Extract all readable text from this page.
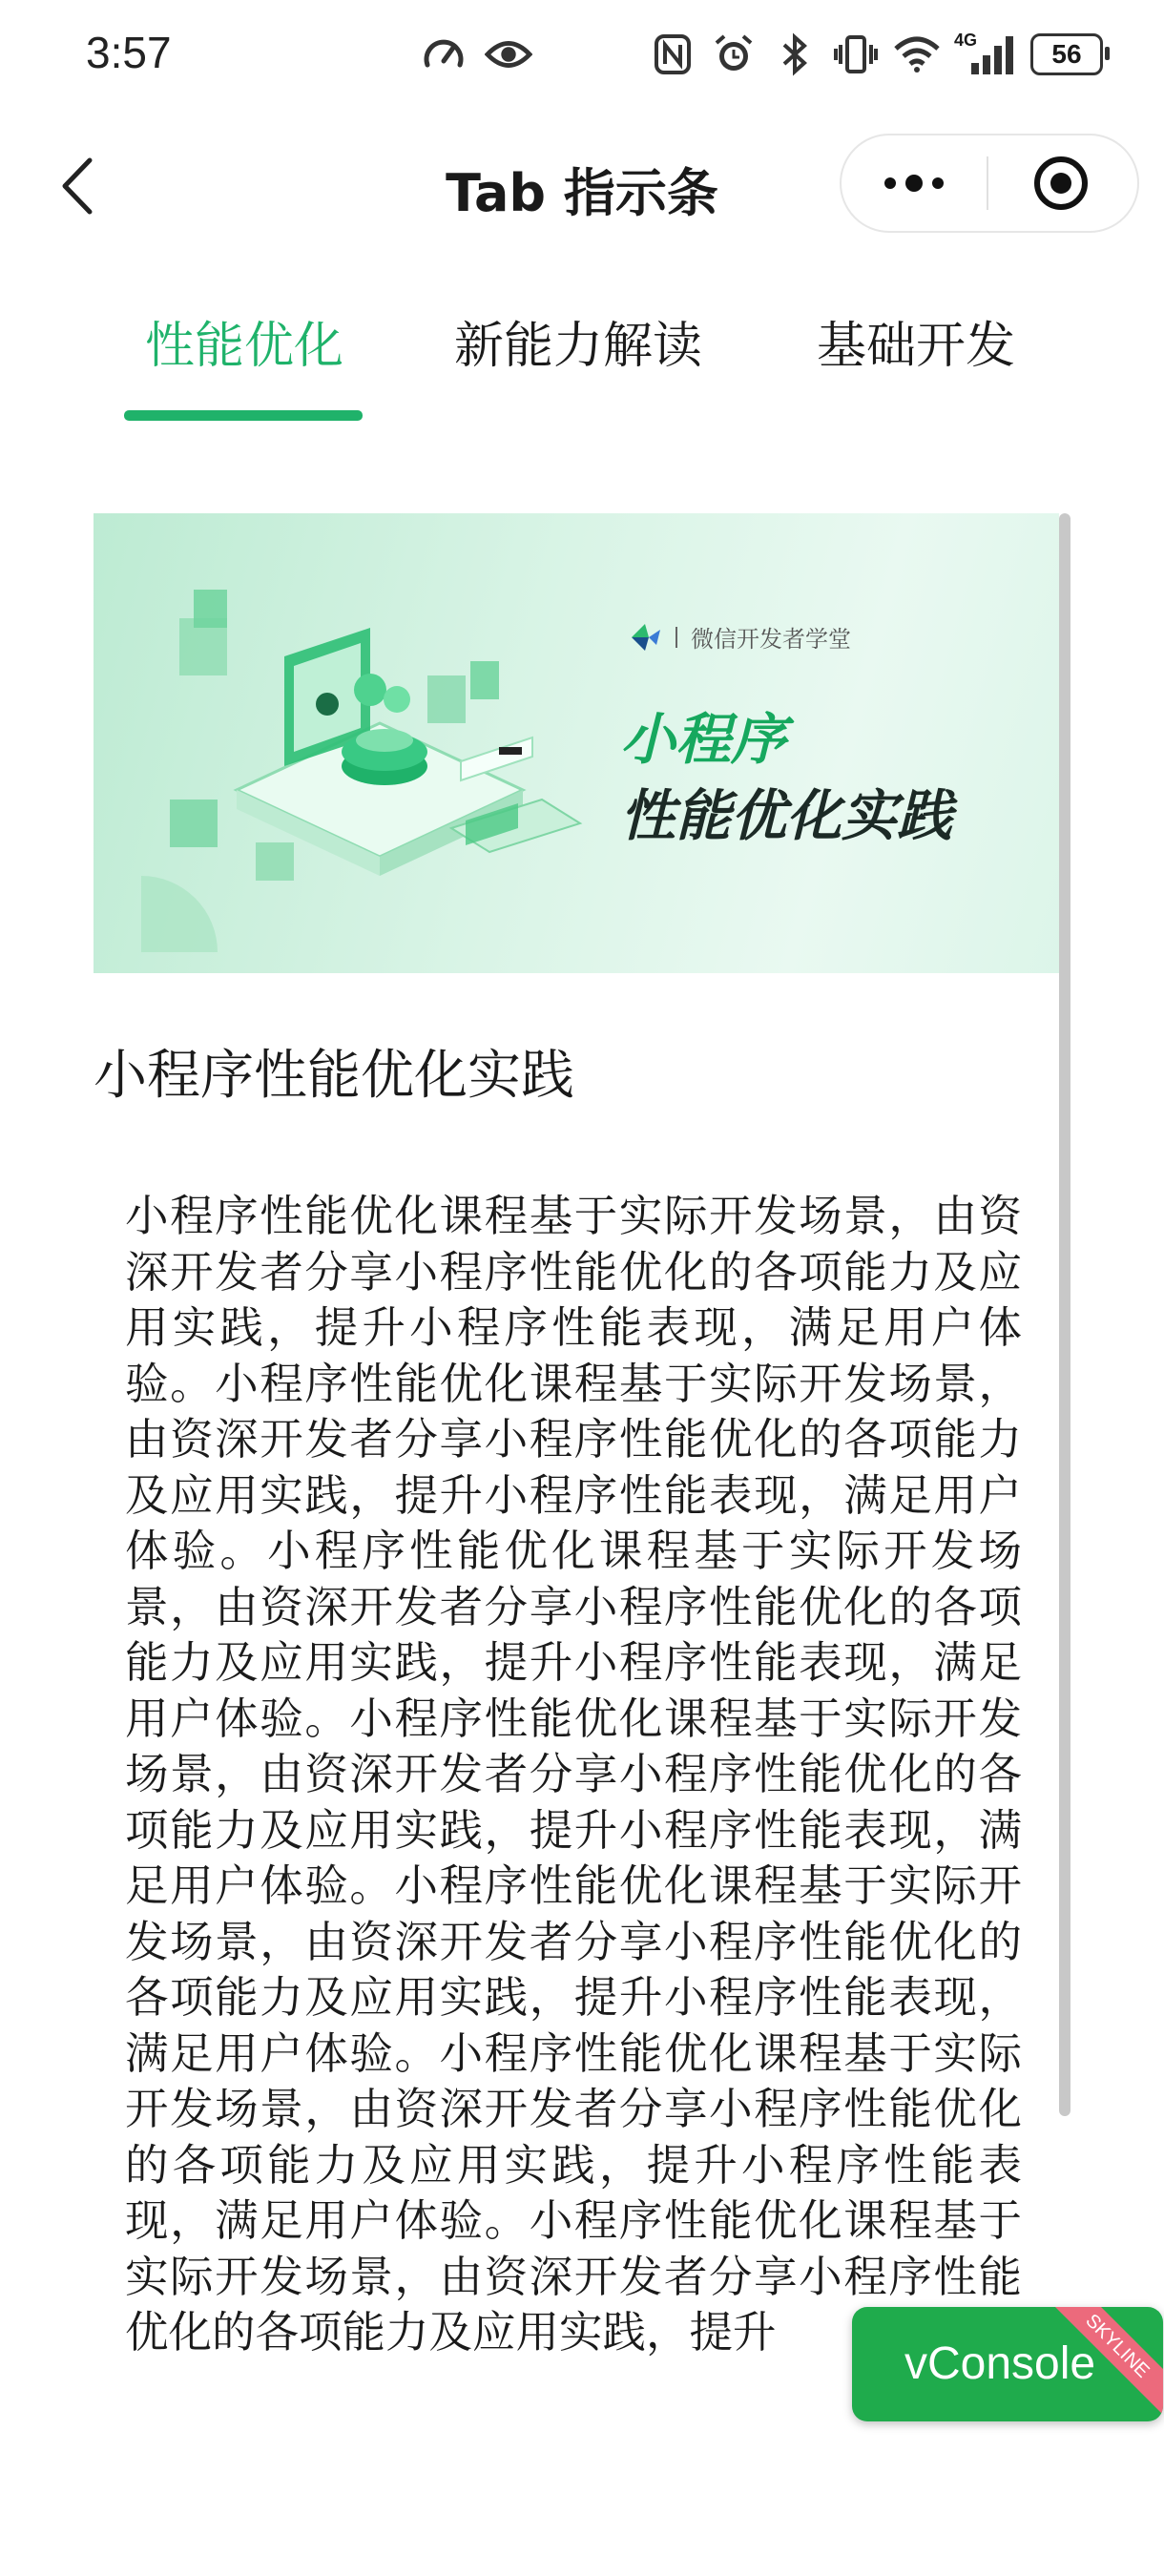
3:57	4G	56
Tab 指示条
性能优化 新能力解读 基础开发
微信开发者学堂
小程序
性能优化实践
小程序性能优化实践
小程序性能优化课程基于实际开发场景，由资深开发者分享小程序性能优化的各项能力及应用实践，提升小程序性能表现，满足用户体验。小程序性能优化课程基于实际开发场景，由资深开发者分享小程序性能优化的各项能力及应用实践，提升小程序性能表现，满足用户体验。小程序性能优化课程基于实际开发场景，由资深开发者分享小程序性能优化的各项能力及应用实践，提升小程序性能表现，满足用户体验。小程序性能优化课程基于实际开发场景，由资深开发者分享小程序性能优化的各项能力及应用实践，提升小程序性能表现，满足用户体验。小程序性能优化课程基于实际开发场景，由资深开发者分享小程序性能优化的各项能力及应用实践，提升小程序性能表现，满足用户体验。小程序性能优化课程基于实际开发场景，由资深开发者分享小程序性能优化的各项能力及应用实践，提升小程序性能表现，满足用户体验。小程序性能优化课程基于实际开发场景，由资深开发者分享小程序性能优化的各项能力及应用实践，提升
vConsole
SKYLINE
